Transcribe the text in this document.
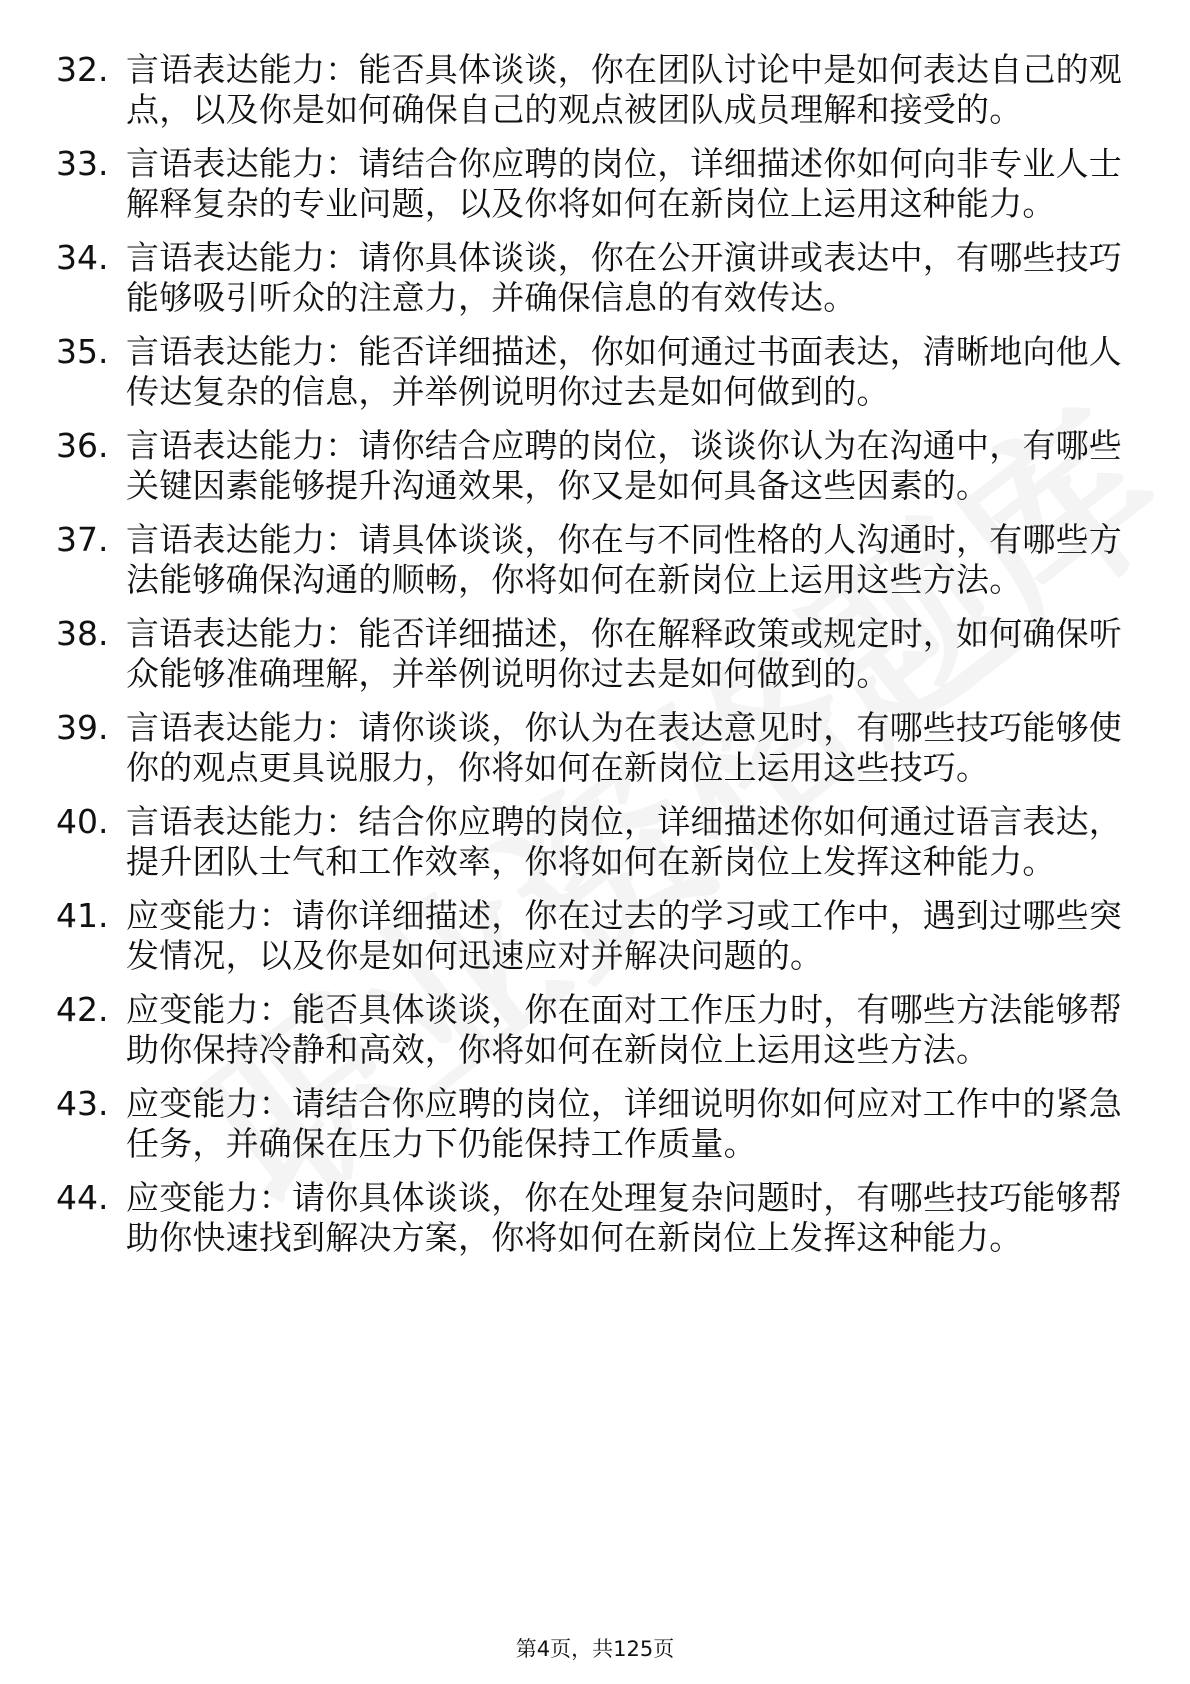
32. 言语表达能力：能否具体谈谈，你在团队讨论中是如何表达自己的观点，以及你是如何确保自己的观点被团队成员理解和接受的。
33. 言语表达能力：请结合你应聘的岗位，详细描述你如何向非专业人士解释复杂的专业问题，以及你将如何在新岗位上运用这种能力。
34. 言语表达能力：请你具体谈谈，你在公开演讲或表达中，有哪些技巧能够吸引听众的注意力，并确保信息的有效传达。
35. 言语表达能力：能否详细描述，你如何通过书面表达，清晰地向他人传达复杂的信息，并举例说明你过去是如何做到的。
36. 言语表达能力：请你结合应聘的岗位，谈谈你认为在沟通中，有哪些关键因素能够提升沟通效果，你又是如何具备这些因素的。
37. 言语表达能力：请具体谈谈，你在与不同性格的人沟通时，有哪些方法能够确保沟通的顺畅，你将如何在新岗位上运用这些方法。
38. 言语表达能力：能否详细描述，你在解释政策或规定时，如何确保听众能够准确理解，并举例说明你过去是如何做到的。
39. 言语表达能力：请你谈谈，你认为在表达意见时，有哪些技巧能够使你的观点更具说服力，你将如何在新岗位上运用这些技巧。
40. 言语表达能力：结合你应聘的岗位，详细描述你如何通过语言表达，提升团队士气和工作效率，你将如何在新岗位上发挥这种能力。
41. 应变能力：请你详细描述，你在过去的学习或工作中，遇到过哪些突发情况，以及你是如何迅速应对并解决问题的。
42. 应变能力：能否具体谈谈，你在面对工作压力时，有哪些方法能够帮助你保持冷静和高效，你将如何在新岗位上运用这些方法。
43. 应变能力：请结合你应聘的岗位，详细说明你如何应对工作中的紧急任务，并确保在压力下仍能保持工作质量。
44. 应变能力：请你具体谈谈，你在处理复杂问题时，有哪些技巧能够帮助你快速找到解决方案，你将如何在新岗位上发挥这种能力。
第4页，共125页
